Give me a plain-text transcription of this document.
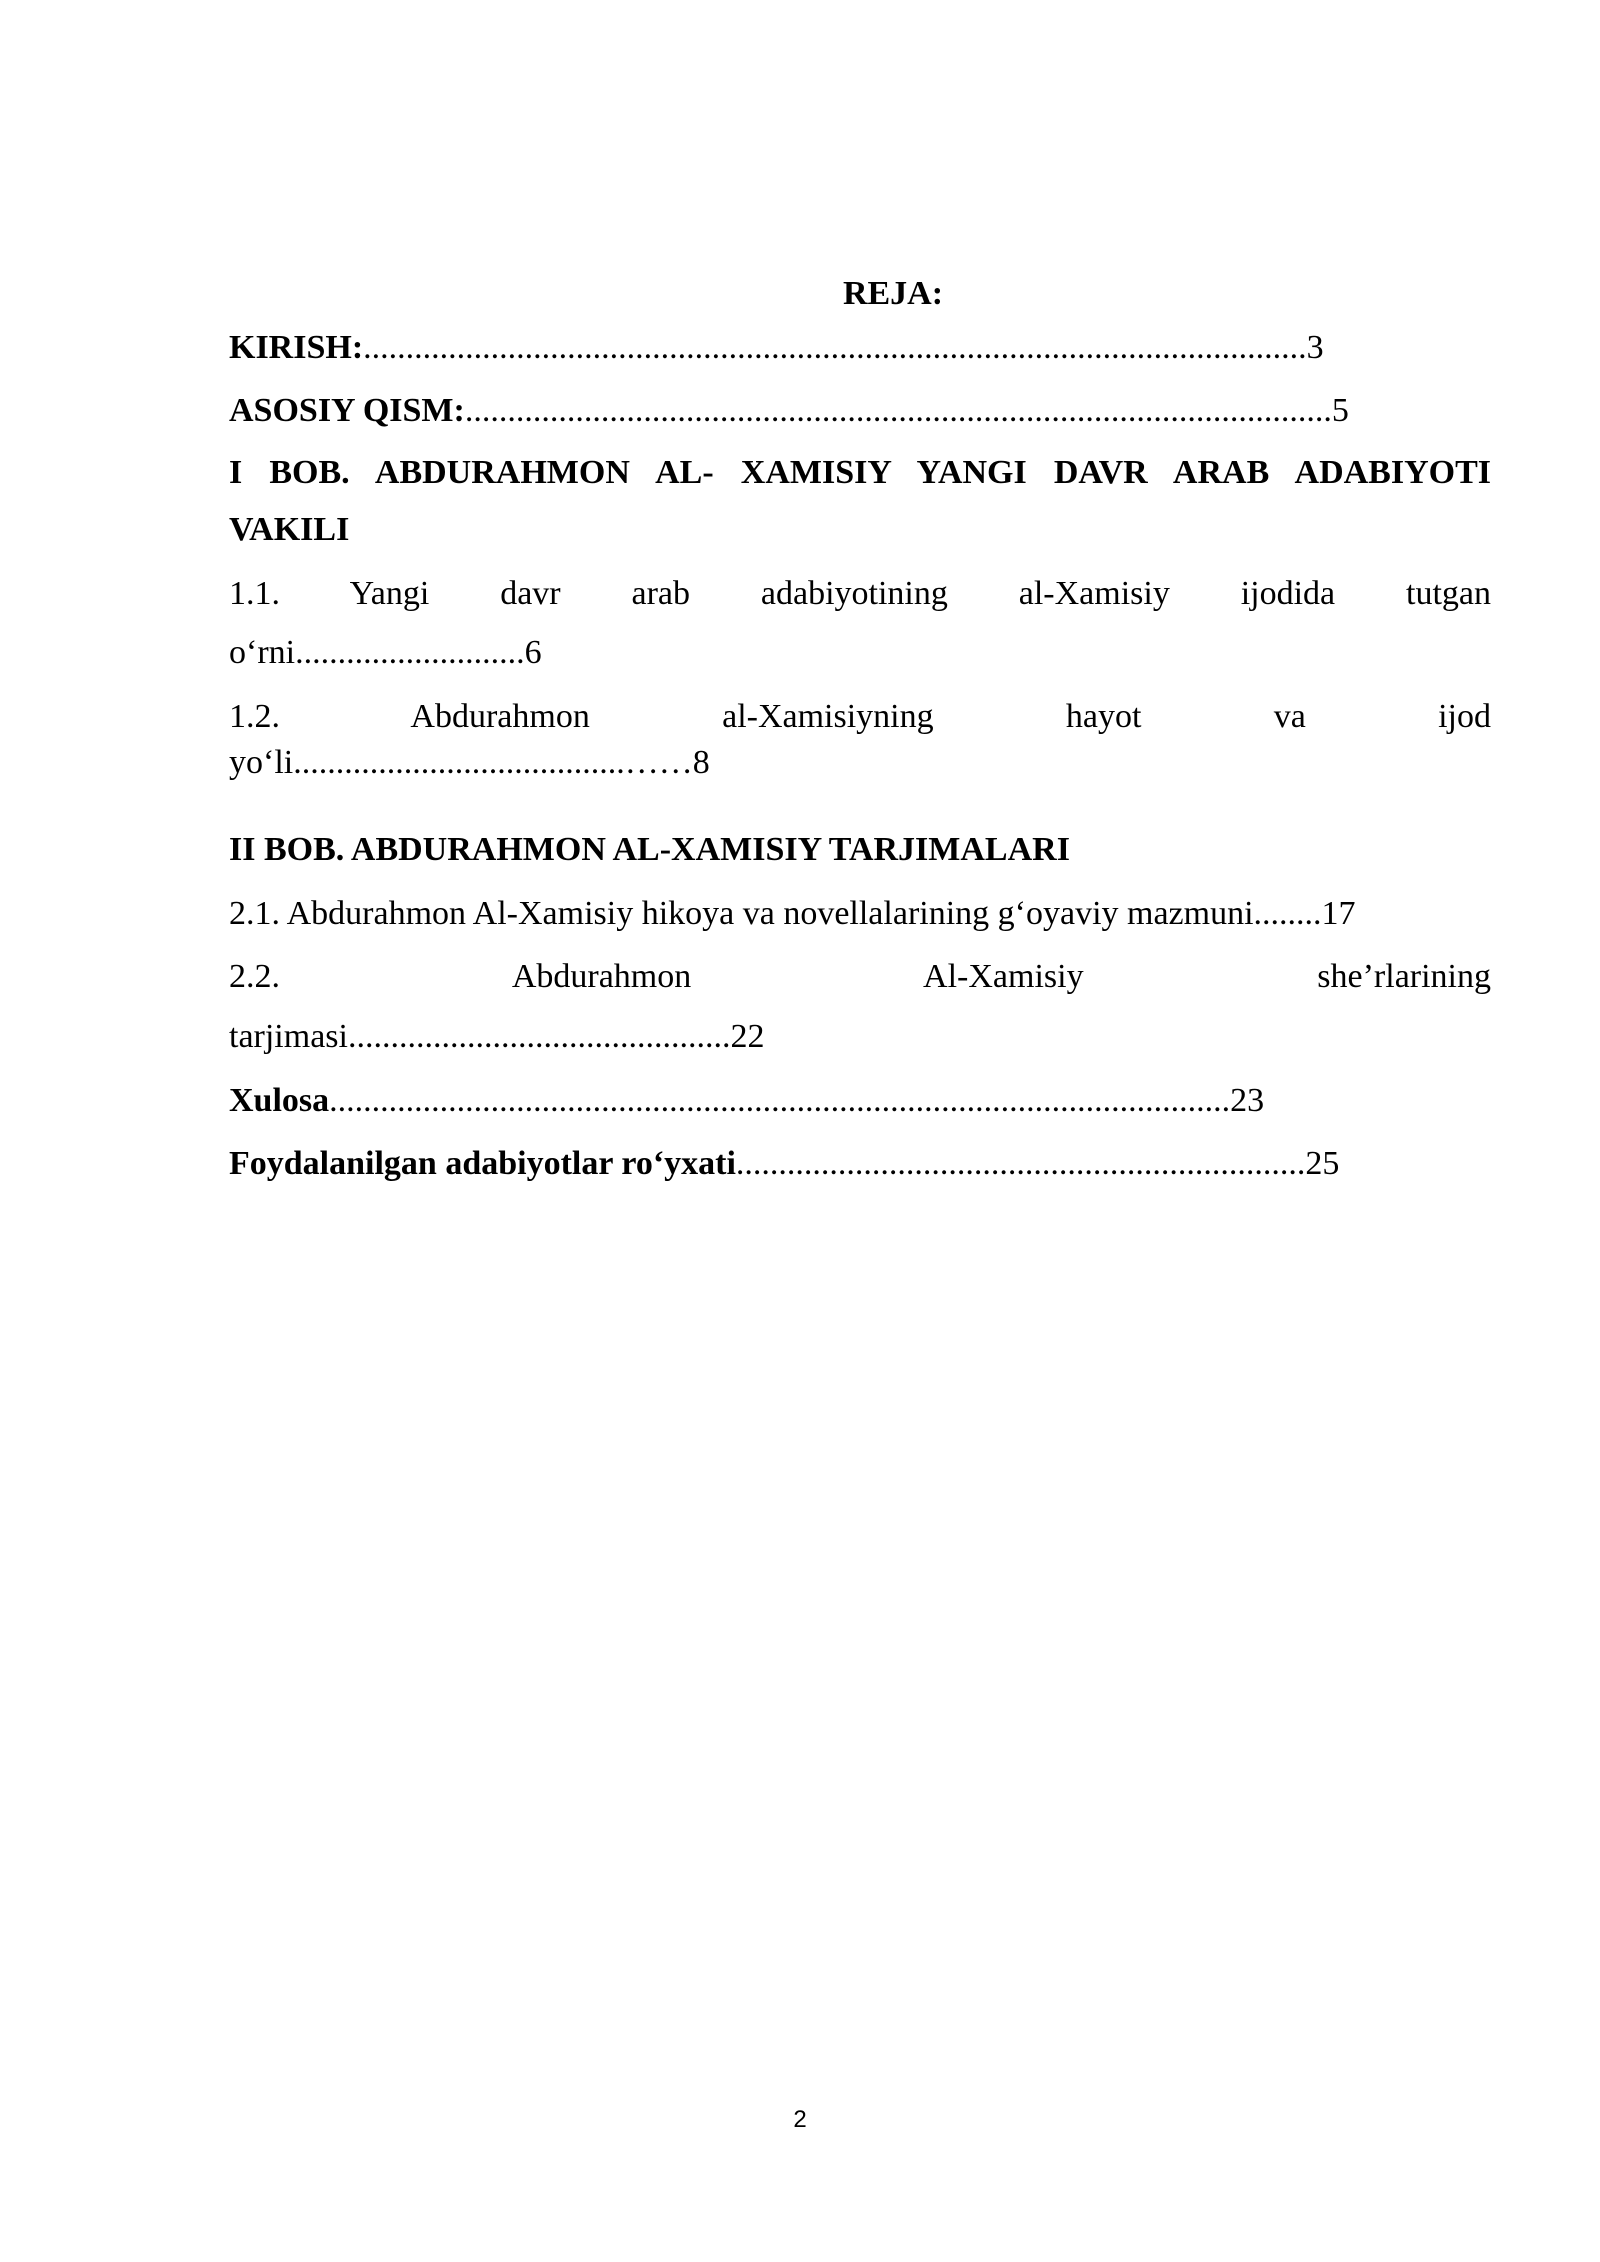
REJA:
KIRISH:...............................................................................................................3
ASOSIY QISM:......................................................................................................5
I BOB. ABDURAHMON AL- XAMISIY YANGI DAVR ARAB ADABIYOTI
VAKILI
1.1. Yangi davr arab adabiyotining al-Xamisiy ijodida tutgan
o‘rni...........................6
1.2. Abdurahmon al-Xamisiyning hayot va ijod
yo‘li.......................................……8
II BOB. ABDURAHMON AL-XAMISIY TARJIMALARI
2.1. Abdurahmon Al-Xamisiy hikoya va novellalarining g‘oyaviy mazmuni........17
2.2. Abdurahmon Al-Xamisiy she’rlarining
tarjimasi.............................................22
Xulosa..........................................................................................................23
Foydalanilgan adabiyotlar ro‘yxati...................................................................25
2
